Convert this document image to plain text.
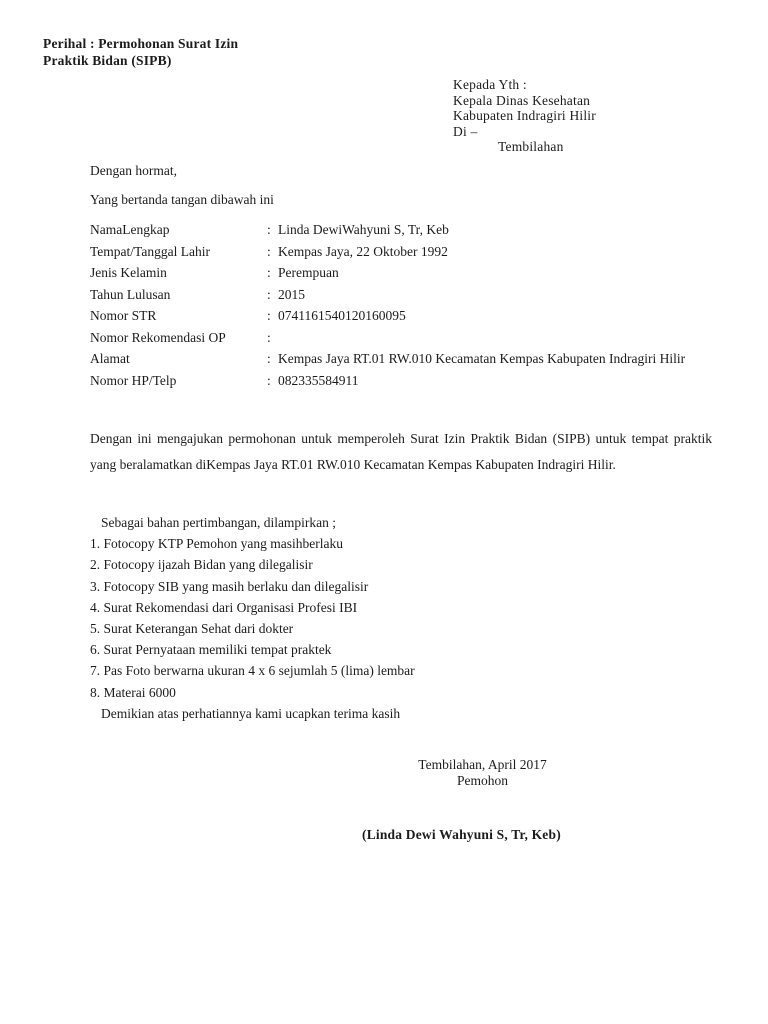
Perihal : Permohonan Surat Izin
Praktik Bidan (SIPB)
Kepada Yth :
Kepala Dinas Kesehatan
Kabupaten Indragiri Hilir
Di –
Tembilahan
Dengan hormat,
Yang bertanda tangan dibawah ini
NamaLengkap	: Linda DewiWahyuni S, Tr, Keb
Tempat/Tanggal Lahir	: Kempas Jaya, 22 Oktober 1992
Jenis Kelamin	: Perempuan
Tahun Lulusan	: 2015
Nomor STR	: 0741161540120160095
Nomor Rekomendasi OP	:
Alamat	: Kempas Jaya RT.01 RW.010 Kecamatan Kempas Kabupaten Indragiri Hilir
Nomor HP/Telp	: 082335584911
Dengan ini mengajukan permohonan untuk memperoleh Surat Izin Praktik Bidan (SIPB) untuk tempat praktik yang beralamatkan diKempas Jaya RT.01 RW.010 Kecamatan Kempas Kabupaten Indragiri Hilir.
Sebagai bahan pertimbangan, dilampirkan ;
1. Fotocopy KTP Pemohon yang masihberlaku
2. Fotocopy ijazah Bidan yang dilegalisir
3. Fotocopy SIB yang masih berlaku dan dilegalisir
4. Surat Rekomendasi dari Organisasi Profesi IBI
5. Surat Keterangan Sehat dari dokter
6. Surat Pernyataan memiliki tempat praktek
7. Pas Foto berwarna ukuran 4 x 6 sejumlah 5 (lima) lembar
8. Materai 6000
Demikian atas perhatiannya kami ucapkan terima kasih
Tembilahan, April 2017
Pemohon
(Linda Dewi Wahyuni S, Tr, Keb)
